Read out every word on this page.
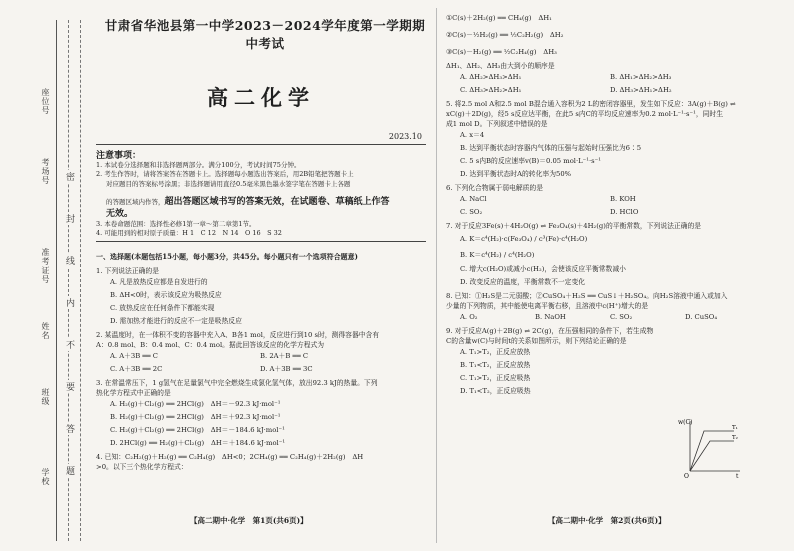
座位号
考场号
准考证号
姓名
班级
学校
密
封
线
内
不
要
答
题
甘肃省华池县第一中学2023－2024学年度第一学期期中考试
高二化学
2023.10
注意事项：
1. 本试卷分选择题和非选择题两部分。满分100分，考试时间75分钟。
2. 考生作答时，请将答案答在答题卡上。选择题每小题选出答案后，用2B铅笔把答题卡上
对应题目的答案标号涂黑；非选择题请用直径0.5毫米黑色墨水签字笔在答题卡上各题
的答题区域内作答，超出答题区域书写的答案无效，在试题卷、草稿纸上作答
无效。
3. 本卷命题范围：选择性必修1第一章～第二章第1节。
4. 可能用到的相对原子质量：H 1　C 12　N 14　O 16　S 32
一、选择题(本题包括15小题，每小题3分，共45分。每小题只有一个选项符合题意)
1. 下列说法正确的是
A. 凡是放热反应都是自发进行的
B. ΔH<0时，表示该反应为吸热反应
C. 放热反应在任何条件下都能实现
D. 需加热才能进行的反应不一定是吸热反应
2. 某温度时，在一体积不变的容器中充入A、B各1 mol，反应进行到10 s时，测得容器中含有
A：0.8 mol、B：0.4 mol、C：0.4 mol。据此回答该反应的化学方程式为
A. A＋3B ══ C	B. 2A＋B ══ C
C. A＋3B ══ 2C	D. A＋3B ══ 3C
3. 在常温常压下，1 g氢气在足量氯气中完全燃烧生成氯化氢气体，放出92.3 kJ的热量。下列
热化学方程式中正确的是
A. H₂(g)＋Cl₂(g) ══ 2HCl(g)　ΔH＝－92.3 kJ·mol⁻¹
B. H₂(g)＋Cl₂(g) ══ 2HCl(g)　ΔH＝＋92.3 kJ·mol⁻¹
C. H₂(g)＋Cl₂(g) ══ 2HCl(g)　ΔH＝－184.6 kJ·mol⁻¹
D. 2HCl(g) ══ H₂(g)＋Cl₂(g)　ΔH＝＋184.6 kJ·mol⁻¹
4. 已知：C₂H₂(g)＋H₂(g) ══ C₂H₄(g)　ΔH<0；2CH₄(g) ══ C₂H₄(g)＋2H₂(g)　ΔH
>0。以下三个热化学方程式：
【高二期中·化学　第1页(共6页)】
①C(s)＋2H₂(g) ══ CH₄(g)　ΔH₁
②C(s)－½H₂(g) ══ ½C₂H₂(g)　ΔH₂
③C(s)－H₂(g) ══ ½C₂H₄(g)　ΔH₃
ΔH₁、ΔH₂、ΔH₃由大到小的顺序是
A. ΔH₂>ΔH₃>ΔH₁	B. ΔH₁>ΔH₂>ΔH₃
C. ΔH₃>ΔH₂>ΔH₁	D. ΔH₃>ΔH₁>ΔH₂
5. 将2.5 mol A和2.5 mol B混合通入容积为2 L的密闭容器里，发生如下反应：3A(g)＋B(g) ⇌
xC(g)＋2D(g)，经5 s反应达平衡，在此5 s内C的平均反应速率为0.2 mol·L⁻¹·s⁻¹，同时生
成1 mol D。下列叙述中错误的是
A. x＝4
B. 达到平衡状态时容器内气体的压强与起始时压强比为6∶5
C. 5 s内B的反应速率v(B)＝0.05 mol·L⁻¹·s⁻¹
D. 达到平衡状态时A的转化率为50%
6. 下列化合物属于弱电解质的是
A. NaCl	B. KOH
C. SO₂	D. HClO
7. 对于反应3Fe(s)＋4H₂O(g) ⇌ Fe₃O₄(s)＋4H₂(g)的平衡常数，下列说法正确的是
A. K＝c⁴(H₂)·c(Fe₃O₄) / c³(Fe)·c⁴(H₂O)
B. K＝c⁴(H₂) / c⁴(H₂O)
C. 增大c(H₂O)或减小c(H₂)，会使该反应平衡常数减小
D. 改变反应的温度，平衡常数不一定变化
8. 已知：①H₂S是二元弱酸；②CuSO₄＋H₂S ══ CuS↓＋H₂SO₄。向H₂S溶液中通入或加入
少量的下列物质，其中能使电离平衡右移，且溶液中c(H⁺)增大的是
A. O₂	B. NaOH	C. SO₂	D. CuSO₄
9. 对于反应A(g)＋2B(g) ⇌ 2C(g)，在压强相同的条件下，若生成物
C的含量w(C)与时间t的关系如图所示，则下列结论正确的是
A. T₁>T₂，正反应放热
B. T₁<T₂，正反应放热
C. T₁>T₂，正反应吸热
D. T₁<T₂，正反应吸热
w(C)
t
O
T₁
T₂
【高二期中·化学　第2页(共6页)】
